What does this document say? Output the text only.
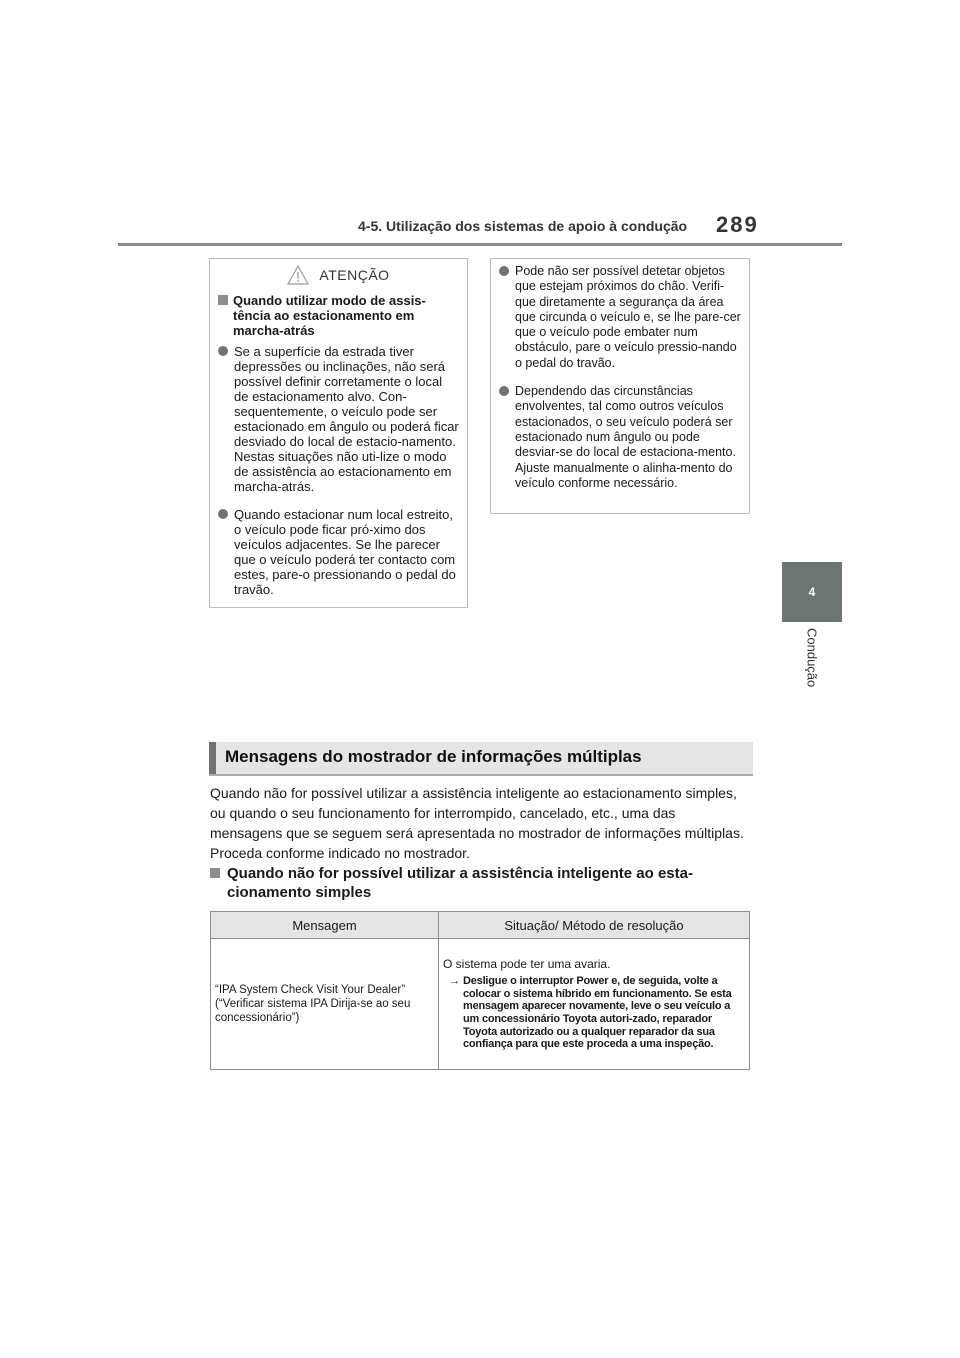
4-5. Utilização dos sistemas de apoio à condução 289
4
Condução
ATENÇÃO
Quando utilizar modo de assis-tência ao estacionamento em marcha-atrás
Se a superfície da estrada tiver depressões ou inclinações, não será possível definir corretamente o local de estacionamento alvo. Con-sequentemente, o veículo pode ser estacionado em ângulo ou poderá ficar desviado do local de estacio-namento. Nestas situações não uti-lize o modo de assistência ao estacionamento em marcha-atrás.
Quando estacionar num local estreito, o veículo pode ficar pró-ximo dos veículos adjacentes. Se lhe parecer que o veículo poderá ter contacto com estes, pare-o pressionando o pedal do travão.
Pode não ser possível detetar objetos que estejam próximos do chão. Verifi-que diretamente a segurança da área que circunda o veículo e, se lhe pare-cer que o veículo pode embater num obstáculo, pare o veículo pressio-nando o pedal do travão.
Dependendo das circunstâncias envolventes, tal como outros veículos estacionados, o seu veículo poderá ser estacionado num ângulo ou pode desviar-se do local de estaciona-mento. Ajuste manualmente o alinha-mento do veículo conforme necessário.
Mensagens do mostrador de informações múltiplas
Quando não for possível utilizar a assistência inteligente ao estacionamento simples, ou quando o seu funcionamento for interrompido, cancelado, etc., uma das mensagens que se seguem será apresentada no mostrador de informações múltiplas. Proceda conforme indicado no mostrador.
Quando não for possível utilizar a assistência inteligente ao esta-cionamento simples
Mensagem	Situação/ Método de resolução

“IPA System Check Visit Your Dealer” (“Verificar sistema IPA Dirija-se ao seu concessionário”)	O sistema pode ter uma avaria.
→ Desligue o interruptor Power e, de seguida, volte a colocar o sistema híbrido em funcionamento. Se esta mensagem aparecer novamente, leve o seu veículo a um concessionário Toyota autori-zado, reparador Toyota autorizado ou a qualquer reparador da sua confiança para que este proceda a uma inspeção.
